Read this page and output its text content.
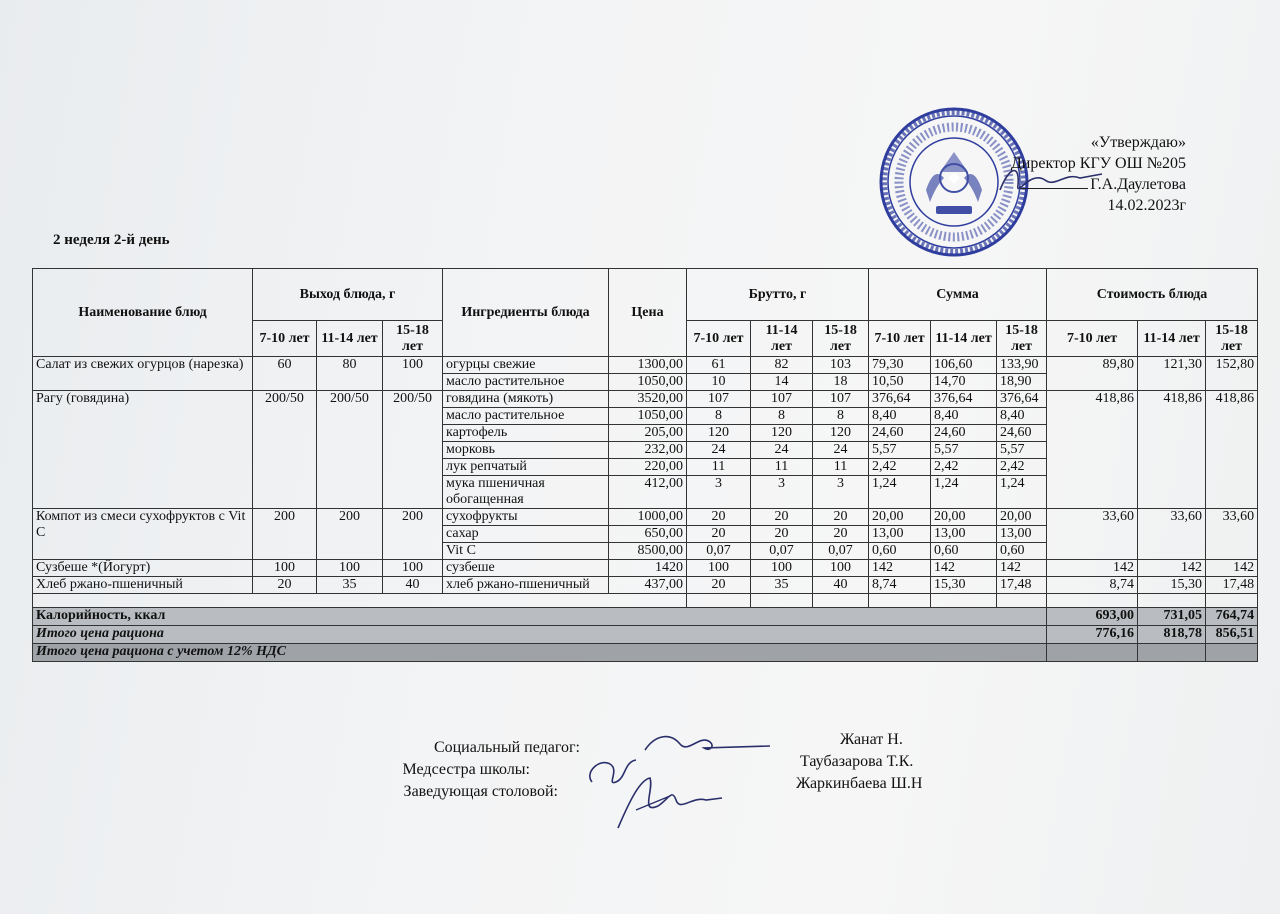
«Утверждаю»
Директор КГУ ОШ №205
Г.А.Даулетова
14.02.2023г
2 неделя 2-й день
Наименование блюд	Выход блюда, г			Ингредиенты блюда	Цена	Брутто, г			Сумма			Стоимость блюда		
	7-10 лет	11-14 лет	15-18 лет			7-10 лет	11-14 лет	15-18 лет	7-10 лет	11-14 лет	15-18 лет	7-10 лет	11-14 лет	15-18 лет
Салат из свежих огурцов (нарезка)	60	80	100	огурцы свежие	1300,00	61	82	103	79,30	106,60	133,90	89,80	121,30	152,80
				масло растительное	1050,00	10	14	18	10,50	14,70	18,90			
Рагу (говядина)	200/50	200/50	200/50	говядина (мякоть)	3520,00	107	107	107	376,64	376,64	376,64	418,86	418,86	418,86
				масло растительное	1050,00	8	8	8	8,40	8,40	8,40			
				картофель	205,00	120	120	120	24,60	24,60	24,60			
				морковь	232,00	24	24	24	5,57	5,57	5,57			
				лук репчатый	220,00	11	11	11	2,42	2,42	2,42			
				мука пшеничная обогащенная	412,00	3	3	3	1,24	1,24	1,24			
Компот из смеси сухофруктов с Vit C	200	200	200	сухофрукты	1000,00	20	20	20	20,00	20,00	20,00	33,60	33,60	33,60
				сахар	650,00	20	20	20	13,00	13,00	13,00			
				Vit C	8500,00	0,07	0,07	0,07	0,60	0,60	0,60			
Сузбеше *(Йогурт)	100	100	100	сузбеше	1420	100	100	100	142	142	142	142	142	142
Хлеб ржано-пшеничный	20	35	40	хлеб ржано-пшеничный	437,00	20	35	40	8,74	15,30	17,48	8,74	15,30	17,48

Калорийность, ккал												693,00	731,05	764,74
Итого цена рациона												776,16	818,78	856,51
Итого цена рациона с учетом 12% НДС														
Социальный педагог:
Медсестра школы:
Заведующая столовой:
Жанат Н.
Таубазарова Т.К.
Жаркинбаева Ш.Н
